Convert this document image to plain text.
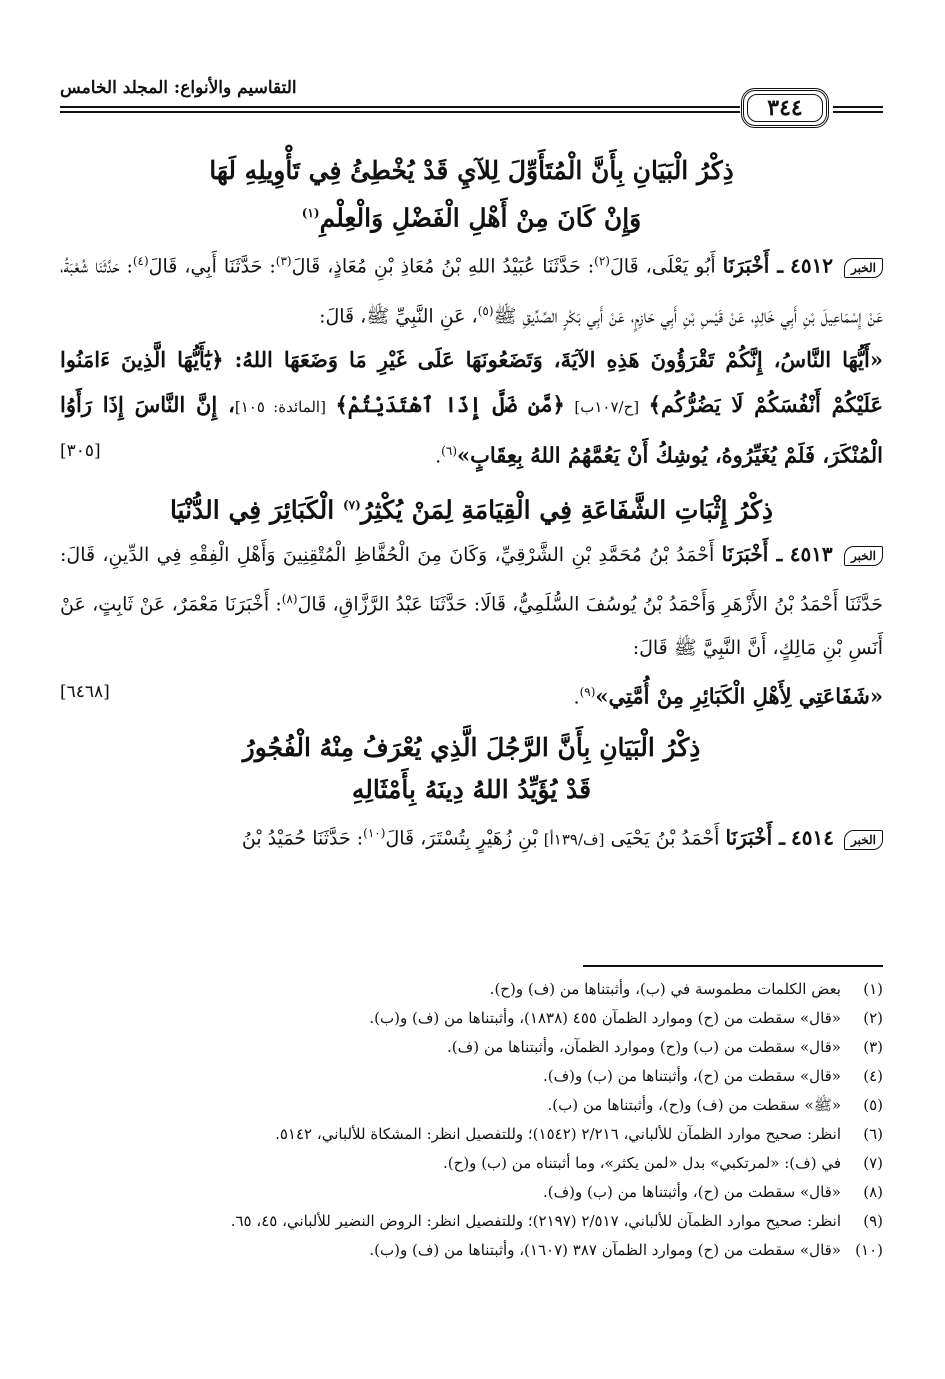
التقاسيم والأنواع: المجلد الخامس
٣٤٤
ذِكْرُ الْبَيَانِ بِأَنَّ الْمُتَأَوِّلَ لِلآيِ قَدْ يُخْطِئُ فِي تَأْوِيلِهِ لَهَا
وَإِنْ كَانَ مِنْ أَهْلِ الْفَضْلِ وَالْعِلْمِ$^{(١)}$

الخبر ٤٥١٢ ـ أَخْبَرَنَا أَبُو يَعْلَى، قَالَ$^{(٢)}$: حَدَّثَنَا عُبَيْدُ اللهِ بْنُ مُعَاذِ بْنِ مُعَاذٍ، قَالَ$^{(٣)}$: حَدَّثَنَا أَبِي، قَالَ$^{(٤)}$: حَدَّثَنَا شُعْبَةُ، عَنْ إِسْمَاعِيلَ بْنِ أَبِي خَالِدٍ، عَنْ قَيْسِ بْنِ أَبِي حَازِمٍ، عَنْ أَبِي بَكْرٍ الصِّدِّيقِ ﷺ$^{(٥)}$، عَنِ النَّبِيِّ ﷺ، قَالَ:

«أَيُّهَا النَّاسُ، إِنَّكُمْ تَقْرَؤُونَ هَذِهِ الآيَةَ، وَتَضَعُونَهَا عَلَى غَيْرِ مَا وَضَعَهَا اللهُ: ﴿يَٰٓأَيُّهَا الَّذِينَ ءَامَنُوا عَلَيْكُمْ أَنْفُسَكُمْ لَا يَضُرُّكُم﴾ [ح/١٠٧ب] ﴿مَّن ضَلَّ إِذَا ٱهْتَدَيْتُمْ﴾ [المائدة: ١٠٥]، إِنَّ النَّاسَ إِذَا رَأَوُا الْمُنْكَرَ، فَلَمْ يُغَيِّرُوهُ، يُوشِكُ أَنْ يَعُمَّهُمُ اللهُ بِعِقَابٍ»$^{(٦)}$.
[٣٠٥]

ذِكْرُ إِثْبَاتِ الشَّفَاعَةِ فِي الْقِيَامَةِ لِمَنْ يُكْثِرُ$^{(٧)}$ الْكَبَائِرَ فِي الدُّنْيَا

الخبر ٤٥١٣ ـ أَخْبَرَنَا أَحْمَدُ بْنُ مُحَمَّدِ بْنِ الشَّرْقِيِّ، وَكَانَ مِنَ الْحُفَّاظِ الْمُتْقِنِينَ وَأَهْلِ الْفِقْهِ فِي الدِّينِ، قَالَ: حَدَّثَنَا أَحْمَدُ بْنُ الأَزْهَرِ وَأَحْمَدُ بْنُ يُوسُفَ السُّلَمِيُّ، قَالَا: حَدَّثَنَا عَبْدُ الرَّزَّاقِ، قَالَ$^{(٨)}$: أَخْبَرَنَا مَعْمَرٌ، عَنْ ثَابِتٍ، عَنْ أَنَسِ بْنِ مَالِكٍ، أَنَّ النَّبِيَّ ﷺ قَالَ:

«شَفَاعَتِي لِأَهْلِ الْكَبَائِرِ مِنْ أُمَّتِي»$^{(٩)}$.
[٦٤٦٨]

ذِكْرُ الْبَيَانِ بِأَنَّ الرَّجُلَ الَّذِي يُعْرَفُ مِنْهُ الْفُجُورُ
قَدْ يُؤَيِّدُ اللهُ دِينَهُ بِأَمْثَالِهِ

الخبر ٤٥١٤ ـ أَخْبَرَنَا أَحْمَدُ بْنُ يَحْيَى [ف/١٣٩أ] بْنِ زُهَيْرٍ بِتُسْتَرَ، قَالَ$^{(١٠)}$: حَدَّثَنَا حُمَيْدُ بْنُ

(١)
بعض الكلمات مطموسة في (ب)، وأثبتناها من (ف) و(ح).
(٢)
«قال» سقطت من (ح) وموارد الظمآن ٤٥٥ (١٨٣٨)، وأثبتناها من (ف) و(ب).
(٣)
«قال» سقطت من (ب) و(ح) وموارد الظمآن، وأثبتناها من (ف).
(٤)
«قال» سقطت من (ح)، وأثبتناها من (ب) و(ف).
(٥)
«ﷺ» سقطت من (ف) و(ح)، وأثبتناها من (ب).
(٦)
انظر: صحيح موارد الظمآن للألباني، ٢/٢١٦ (١٥٤٢)؛ وللتفصيل انظر: المشكاة للألباني، ٥١٤٢.
(٧)
في (ف): «لمرتكبي» بدل «لمن يكثر»، وما أثبتناه من (ب) و(ح).
(٨)
«قال» سقطت من (ح)، وأثبتناها من (ب) و(ف).
(٩)
انظر: صحيح موارد الظمآن للألباني، ٢/٥١٧ (٢١٩٧)؛ وللتفصيل انظر: الروض النضير للألباني، ٤٥، ٦٥.
(١٠)
«قال» سقطت من (ح) وموارد الظمآن ٣٨٧ (١٦٠٧)، وأثبتناها من (ف) و(ب).
